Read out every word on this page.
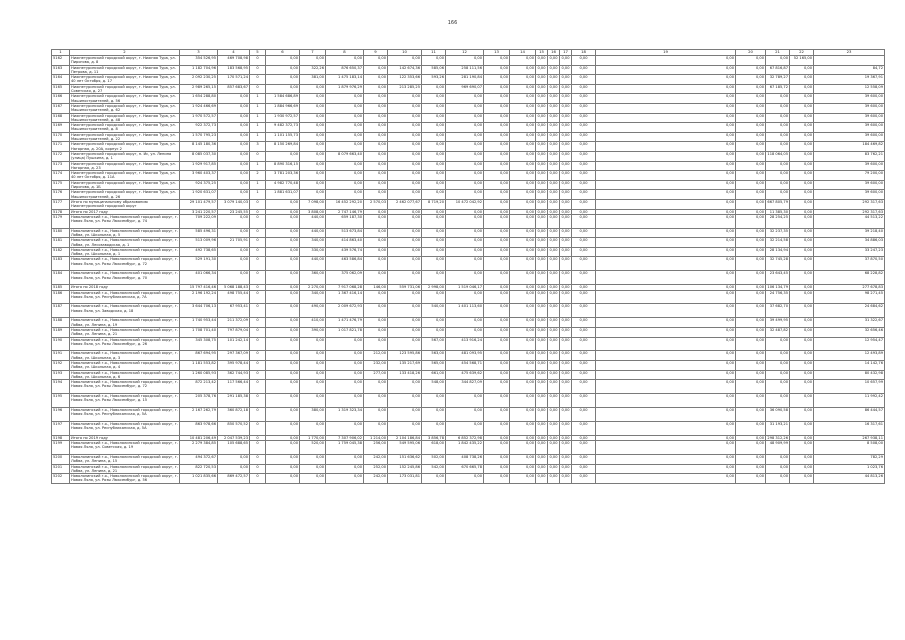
166
1	2	3	4	5	6	7	8	9	10	11	12	13	14	15	16	17	18	19	20	21	22	23
5162	Нижнетуринский городской округ, г. Нижняя Тура, ул. Пирогова, д. 8	354 526,95	469 708,98	0	0,00	0,00	0,00	0,00	0,00	0,00	0,00	0,00	0,00	0,00	0,00	0,00	0,00	0,00	0,00	0,00	52 165,00	
5163	Нижнетуринский городской округ, г. Нижняя Тура, ул. Петрова, д. 11	1 182 704,96	183 568,95	0	0,00	322,26	876 650,37	0,00	142 674,36	585,06	258 111,56	0,00	0,00	0,00	0,00	0,00	0,00	0,00	0,00	67 816,87	0,00	84,72
5164	Нижнетуринский городской округ, г. Нижняя Тура, ул. 40 лет Октября, д. 17	2 092 230,25	170 571,24	0	0,00	381,00	1 475 183,14	0,00	122 353,66	593,26	281 190,84	0,00	0,00	0,00	0,00	0,00	0,00	0,00	0,00	32 789,27	0,00	19 367,91
5165	Нижнетуринский городской округ, г. Нижняя Тура, ул. Советская, д. 27	2 989 265,15	857 683,67	0	0,00	0,00	1 879 976,29	0,00	213 285,25	0,00	969 690,07	0,00	0,00	0,00	0,00	0,00	0,00	0,00	0,00	67 185,72	0,00	12 558,09
5166	Нижнетуринский городской округ, г. Нижняя Тура, ул. Машиностроителей, д. 56	1 654 288,80	0,00	1	1 584 686,89	0,00	0,00	0,00	0,00	0,00	0,00	0,00	0,00	0,00	0,00	0,00	0,00	0,00	0,00	0,00	0,00	39 600,00
5167	Нижнетуринский городской округ, г. Нижняя Тура, ул. Машиностроителей, д. 62	1 924 466,69	0,00	1	1 884 966,69	0,00	0,00	0,00	0,00	0,00	0,00	0,00	0,00	0,00	0,00	0,00	0,00	0,00	0,00	0,00	0,00	39 600,00
5168	Нижнетуринский городской округ, г. Нижняя Тура, ул. Машиностроителей, д. 48	1 970 572,57	0,00	1	1 930 972,57	0,00	0,00	0,00	0,00	0,00	0,00	0,00	0,00	0,00	0,00	0,00	0,00	0,00	0,00	0,00	0,00	39 600,00
5169	Нижнетуринский городской округ, г. Нижняя Тура, ул. Машиностроителей, д. 8	922 372,73	0,00	1	9 482 372,73	0,00	0,00	0,00	0,00	0,00	0,00	0,00	0,00	0,00	0,00	0,00	0,00	0,00	0,00	0,00	0,00	39 600,00
5170	Нижнетуринский городской округ, г. Нижняя Тура, ул. Машиностроителей, д. 22	1 570 795,23	0,00	1	1 101 155,73	0,00	0,00	0,00	0,00	0,00	0,00	0,00	0,00	0,00	0,00	0,00	0,00	0,00	0,00	0,00	0,00	39 600,00
5171	Нижнетуринский городской округ, г. Нижняя Тура, ул. Нагорная, д. 20А, корпус 2	8 145 180,36	0,00	3	8 150 269,84	0,00	0,00	0,00	0,00	0,00	0,00	0,00	0,00	0,00	0,00	0,00	0,00	0,00	0,00	0,00	0,00	184 469,82
5172	Нижнетуринский городской округ, п. Ис, ул. Ленина (улица) Пушкина, д. 1	8 085 037,30	0,00	0	0,00	0,00	8 079 663,40	0,00	0,00	0,00	0,00	0,00	0,00	0,00	0,00	0,00	0,00	0,00	0,00	118 064,05	0,00	83 762,21
5173	Нижнетуринский городской округ, г. Нижняя Тура, ул. Нагорная, д. 23	1 929 917,85	0,00	1	8 890 316,15	0,00	0,00	0,00	0,00	0,00	0,00	0,00	0,00	0,00	0,00	0,00	0,00	0,00	0,00	0,00	0,00	39 600,00
5174	Нижнетуринский городской округ, г. Нижняя Тура, ул. 40 лет Октября, д. 11А	3 960 403,37	0,00	2	3 781 203,36	0,00	0,00	0,00	0,00	0,00	0,00	0,00	0,00	0,00	0,00	0,00	0,00	0,00	0,00	0,00	0,00	79 200,00
5175	Нижнетуринский городской округ, г. Нижняя Тура, ул. Пирогова, д. 1Б	924 375,25	0,00	1	4 982 770,48	0,00	0,00	0,00	0,00	0,00	0,00	0,00	0,00	0,00	0,00	0,00	0,00	0,00	0,00	0,00	0,00	39 600,00
5176	Нижнетуринский городской округ, г. Нижняя Тура, ул. Машиностроителей, д. 26	1 920 631,07	0,00	1	1 881 631,07	0,00	0,00	0,00	0,00	0,00	0,00	0,00	0,00	0,00	0,00	0,00	0,00	0,00	0,00	0,00	0,00	39 600,00
5177	Итого по муниципальному образованию Нижнетуринский городской округ	29 101 479,57	3 079 140,03	0	0,00	7 098,00	16 452 292,20	2 570,03	2 462 077,67	8 719,20	10 472 042,92	0,00	0,00	0,00	0,00	0,00	0,00	0,00	0,00	667 805,79	0,00	292 317,63
5178	Итого по 2017 году	3 241 220,57	23 245,55	0	0,00	3 808,00	2 747 146,79	0,00	0,00	0,00	0,00	0,00	0,00	0,00	0,00	0,00	0,00	0,00	0,00	11 385,30	0,00	292 317,63
5179	Новолялинский г.о., Новолялинский городской округ, г. Новая Ляля, ул. Розы Люксембург, д. 74	709 222,09	0,00	0	0,00	440,00	659 187,30	0,00	0,00	0,00	0,00	0,00	0,00	0,00	0,00	0,00	0,00	0,00	0,00	28 254,25	0,00	44 513,22
5180	Новолялинский г.о., Новолялинский городской округ, г. Лобва, ул. Школьная, д. 5	585 496,31	0,00	0	0,00	440,00	513 673,84	0,00	0,00	0,00	0,00	0,00	0,00	0,00	0,00	0,00	0,00	0,00	0,00	32 237,35	0,00	39 218,40
5181	Новолялинский г.о., Новолялинский городской округ, г. Лобва, ул. Лесозаводская, д. 1	513 009,96	21 705,91	0	0,00	340,00	414 863,40	0,00	0,00	0,00	0,00	0,00	0,00	0,00	0,00	0,00	0,00	0,00	0,00	32 214,58	0,00	34 886,03
5182	Новолялинский г.о., Новолялинский городской округ, г. Лобва, ул. Школьная, д. 1	492 738,65	0,00	0	0,00	330,00	439 576,74	0,00	0,00	0,00	0,00	0,00	0,00	0,00	0,00	0,00	0,00	0,00	0,00	28 134,94	0,00	33 247,23
5183	Новолялинский г.о., Новолялинский городской округ, г. Новая Ляля, ул. Розы Люксембург, д. 72	529 191,30	0,00	0	0,00	440,00	463 586,84	0,00	0,00	0,00	0,00	0,00	0,00	0,00	0,00	0,00	0,00	0,00	0,00	32 745,28	0,00	37 870,50
5184	Новолялинский г.о., Новолялинский городской округ, г. Новая Ляля, ул. Розы Люксембург, д. 70	401 066,34	0,00	0	0,00	360,00	375 062,09	0,00	0,00	0,00	0,00	0,00	0,00	0,00	0,00	0,00	0,00	0,00	0,00	23 643,45	0,00	68 228,82
5185	Итого по 2018 году	15 797 416,46	5 068 188,43	0	0,00	2 270,00	7 917 068,28	146,00	559 731,06	2 998,00	1 519 046,17	0,00	0,00	0,00	0,00	0,00	0,00	0,00	0,00	106 134,79	0,00	277 678,83
5186	Новолялинский г.о., Новолялинский городской округ, г. Новая Ляля, ул. Республиканская, д. 7А	2 196 192,24	498 755,44	0	0,00	340,00	1 367 416,14	0,00	0,00	0,00	0,00	0,00	0,00	0,00	0,00	0,00	0,00	0,00	0,00	24 756,35	0,00	98 271,45
5187	Новолялинский г.о., Новолялинский городской округ, г. Новая Ляля, ул. Заводская, д. 18	3 644 706,13	67 953,41	0	0,00	490,00	2 009 672,93	0,00	0,00	540,00	1 401 113,60	0,00	0,00	0,00	0,00	0,00	0,00	0,00	0,00	37 682,70	0,00	24 684,62
5188	Новолялинский г.о., Новолялинский городской округ, г. Лобва, ул. Ленина, д. 19	1 740 953,44	211 372,09	0	0,00	410,00	1 471 476,79	0,00	0,00	0,00	0,00	0,00	0,00	0,00	0,00	0,00	0,00	0,00	0,00	39 499,95	0,00	31 322,67
5189	Новолялинский г.о., Новолялинский городской округ, г. Лобва, ул. Ленина, д. 21	1 708 701,40	797 879,04	0	0,00	390,00	1 017 821,78	0,00	0,00	0,00	0,00	0,00	0,00	0,00	0,00	0,00	0,00	0,00	0,00	32 487,82	0,00	32 656,46
5190	Новолялинский г.о., Новолялинский городской округ, г. Новая Ляля, ул. Розы Люксембург, д. 26	345 308,75	101 242,14	0	0,00	0,00	0,00	0,00	0,00	567,00	413 916,24	0,00	0,00	0,00	0,00	0,00	0,00	0,00	0,00	0,00	0,00	12 954,47
5191	Новолялинский г.о., Новолялинский городской округ, г. Лобва, ул. Школьная, д. 3	867 694,95	297 367,09	0	0,00	0,00	0,00	212,00	123 595,86	563,00	481 093,95	0,00	0,00	0,00	0,00	0,00	0,00	0,00	0,00	0,00	0,00	12 493,89
5192	Новолялинский г.о., Новолялинский городской округ, г. Лобва, ул. Школьная, д. 4	1 181 553,82	395 978,44	0	0,00	0,00	0,00	232,00	135 217,69	565,00	454 568,71	0,00	0,00	0,00	0,00	0,00	0,00	0,00	0,00	0,00	0,00	14 142,76
5193	Новолялинский г.о., Новолялинский городской округ, г. Лобва, ул. Школьная, д. 6	1 260 085,93	362 744,93	0	0,00	0,00	0,00	277,00	133 418,26	661,00	475 639,62	0,00	0,00	0,00	0,00	0,00	0,00	0,00	0,00	0,00	0,00	80 432,98
5194	Новолялинский г.о., Новолялинский городской округ, г. Новая Ляля, ул. Розы Люксембург, д. 72	872 213,42	117 566,44	0	0,00	0,00	0,00	0,00	0,00	548,00	344 827,09	0,00	0,00	0,00	0,00	0,00	0,00	0,00	0,00	0,00	0,00	10 657,99
5195	Новолялинский г.о., Новолялинский городской округ, г. Новая Ляля, ул. Розы Люксембург, д. 15	205 378,76	291 185,38	0	0,00	0,00	0,00	0,00	0,00	0,00	0,00	0,00	0,00	0,00	0,00	0,00	0,00	0,00	0,00	0,00	0,00	11 992,42
5196	Новолялинский г.о., Новолялинский городской округ, г. Новая Ляля, ул. Республиканская, д. 5А	2 167 262,79	360 872,18	0	0,00	380,00	1 319 323,34	0,00	0,00	0,00	0,00	0,00	0,00	0,00	0,00	0,00	0,00	0,00	0,00	36 090,58	0,00	86 444,57
5197	Новолялинский г.о., Новолялинский городской округ, г. Новая Ляля, ул. Республиканская, д. 5А	863 978,66	850 570,52	0	0,00	0,00	0,00	0,00	0,00	0,00	0,00	0,00	0,00	0,00	0,00	0,00	0,00	0,00	0,00	31 193,21	0,00	16 317,61
5198	Итого по 2019 году	10 481 206,49	2 047 539,23	0	0,00	1 770,00	7 307 906,02	1 214,00	2 104 186,84	3 856,78	6 852 372,98	0,00	0,00	0,00	0,00	0,00	0,00	0,00	0,00	298 312,26	0,00	267 938,11
5199	Новолялинский г.о., Новолялинский городской округ, г. Новая Ляля, ул. Советская, д. 19	2 279 384,85	105 688,65	0	0,00	520,00	1 759 045,38	256,00	549 595,06	618,00	1 842 435,22	0,00	0,00	0,00	0,00	0,00	0,00	0,00	0,00	48 909,99	0,00	8 508,00
5200	Новолялинский г.о., Новолялинский городской округ, г. Лобва, ул. Ленина, д. 15	494 372,67	0,00	0	0,00	0,00	0,00	242,00	151 636,62	502,00	408 738,26	0,00	0,00	0,00	0,00	0,00	0,00	0,00	0,00	0,00	0,00	782,29
5201	Новолялинский г.о., Новолялинский городской округ, г. Лобва, ул. Ленина, д. 21	822 720,53	0,00	0	0,00	0,00	0,00	252,00	152 245,86	542,00	670 665,78	0,00	0,00	0,00	0,00	0,00	0,00	0,00	0,00	0,00	0,00	1 023,76
5202	Новолялинский г.о., Новолялинский городской округ, г. Новая Ляля, ул. Розы Люксембург, д. 56	1 021 835,66	869 472,57	0	0,00	0,00	0,00	242,00	173 031,81	0,00	0,00	0,00	0,00	0,00	0,00	0,00	0,00	0,00	0,00	0,00	0,00	44 813,26
